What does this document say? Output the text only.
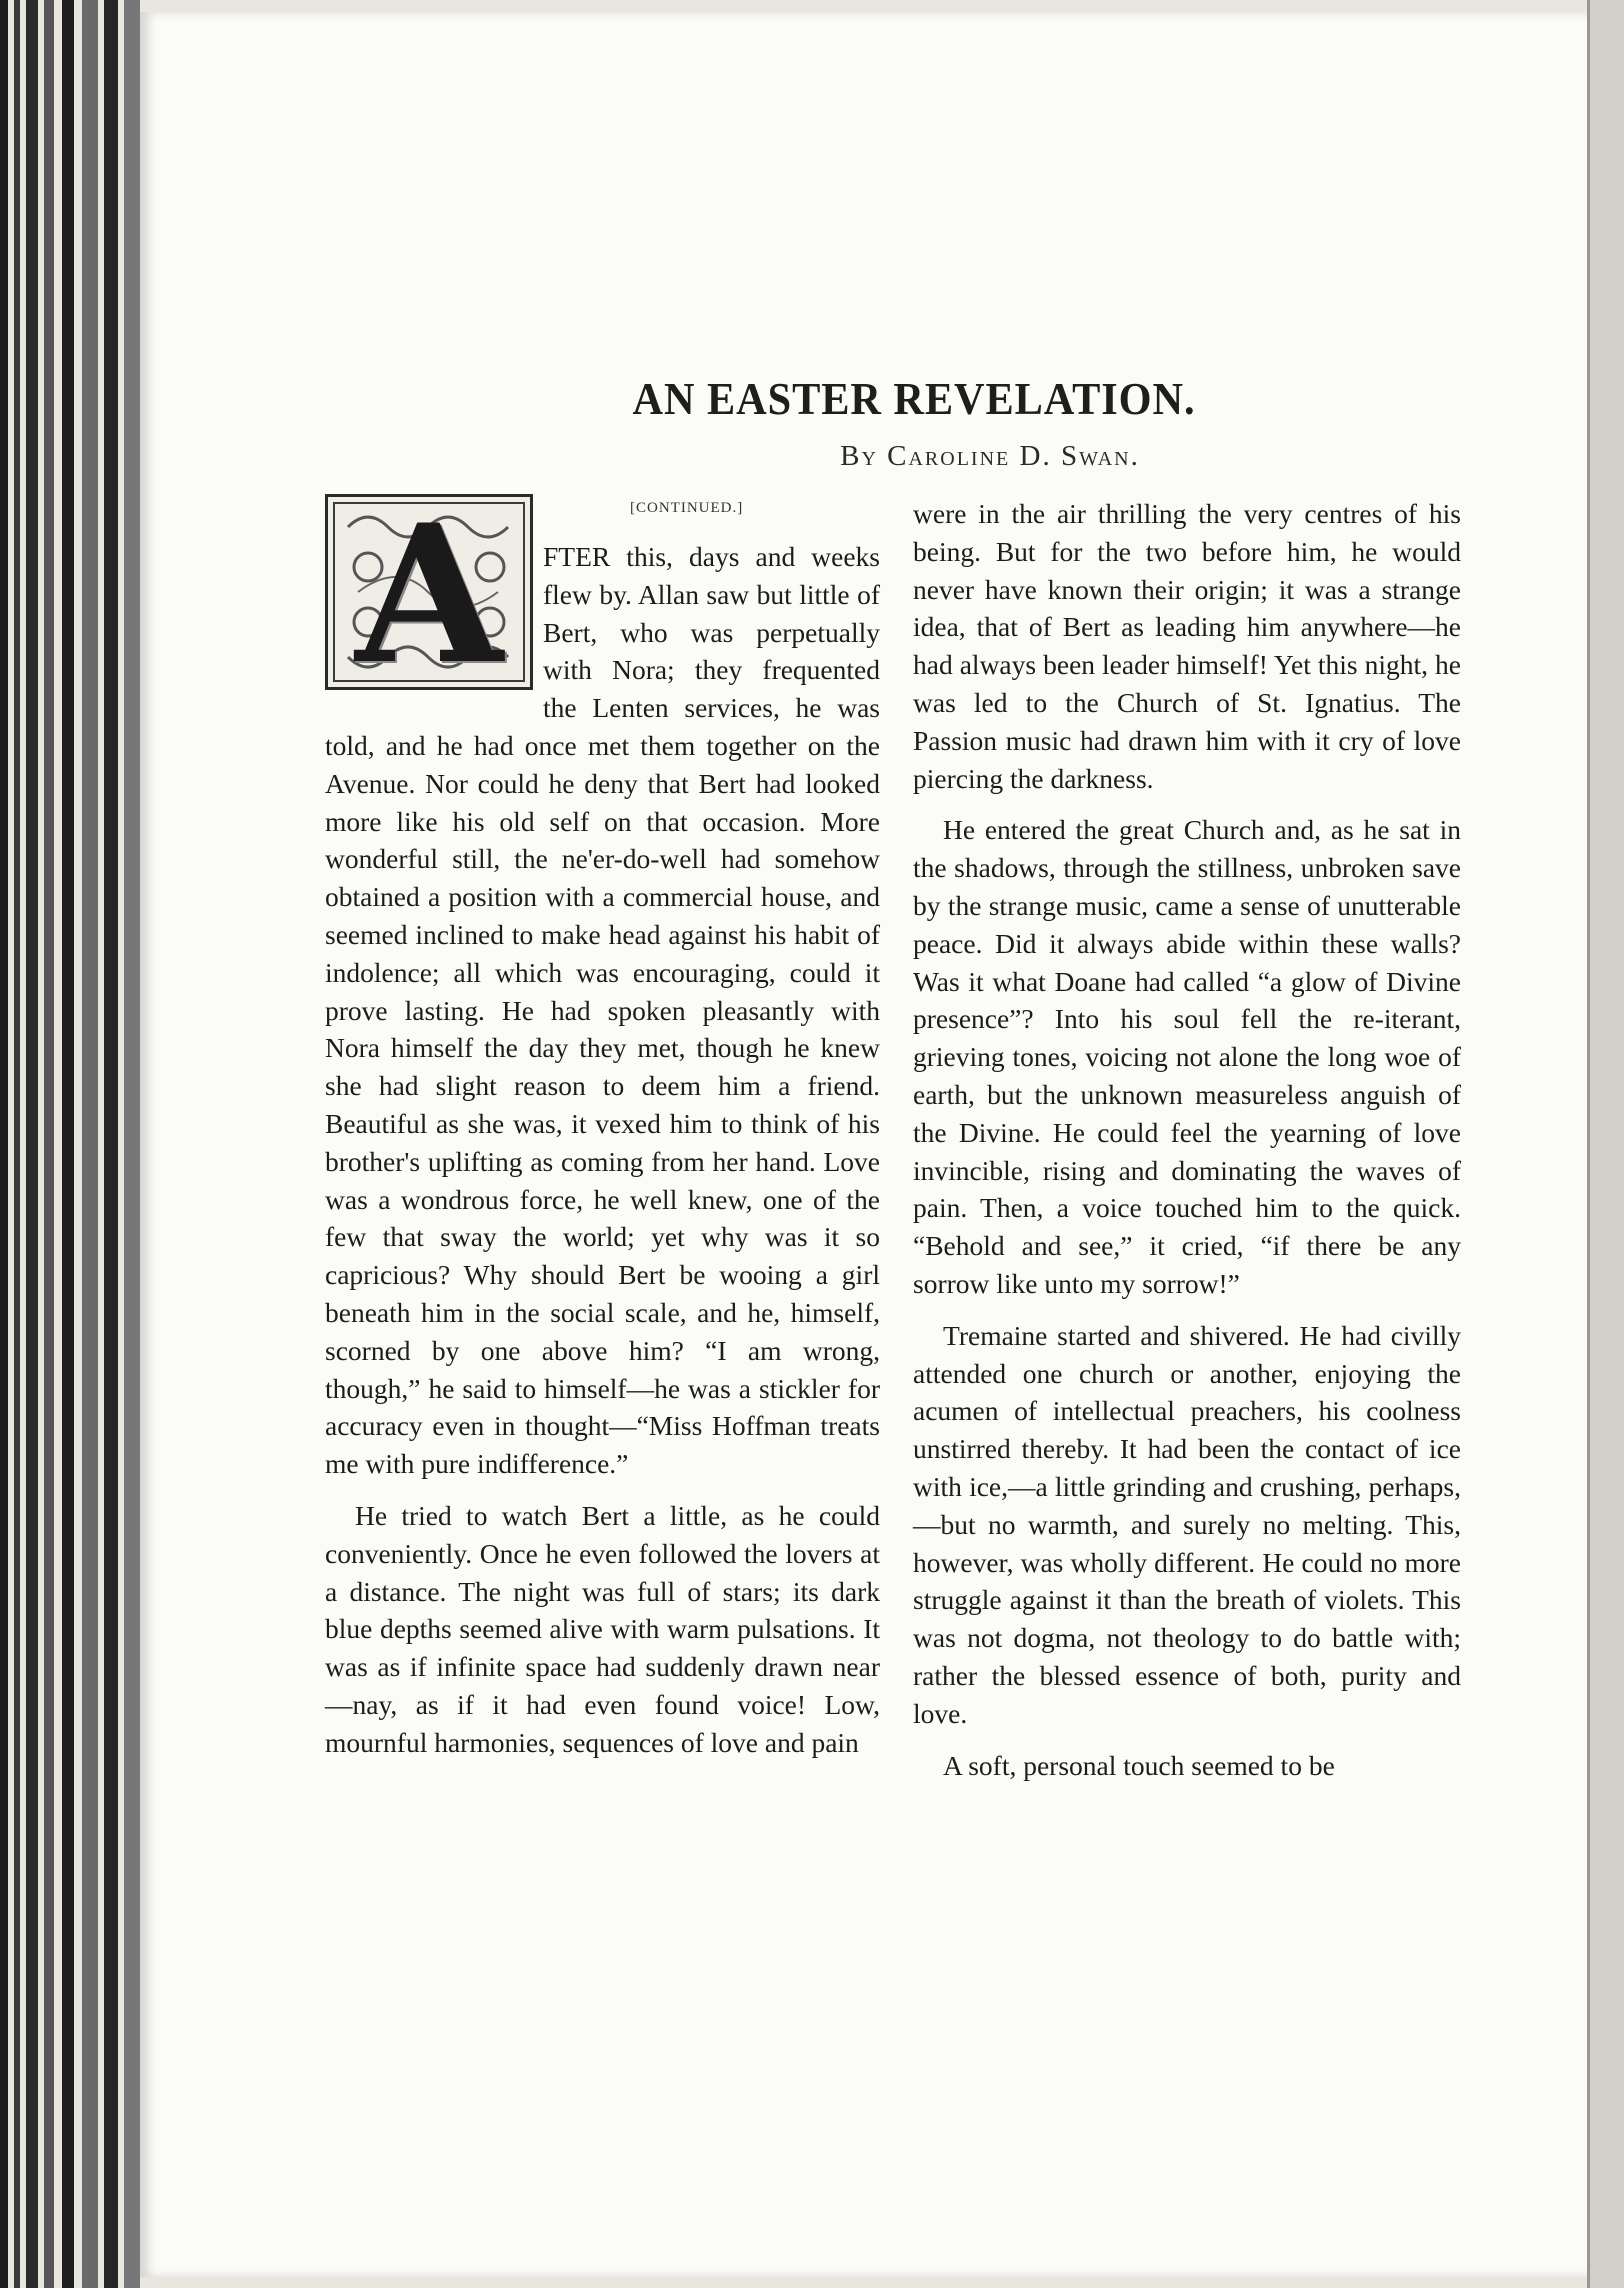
AN EASTER REVELATION.
By Caroline D. Swan.
[CONTINUED.]

A	FTER this, days and weeks flew by. Allan saw but little of Bert, who was perpetually with Nora; they frequented the Lenten services, he was told, and he had once met them together on the Avenue. Nor could he deny that Bert had looked more like his old self on that occasion. More wonderful still, the ne'er-do-well had somehow obtained a position with a commercial house, and seemed inclined to make head against his habit of indolence; all which was encouraging, could it prove lasting. He had spoken pleasantly with Nora himself the day they met, though he knew she had slight reason to deem him a friend. Beautiful as she was, it vexed him to think of his brother's uplifting as coming from her hand. Love was a wondrous force, he well knew, one of the few that sway the world; yet why was it so capricious? Why should Bert be wooing a girl beneath him in the social scale, and he, himself, scorned by one above him? “I am wrong, though,” he said to himself—he was a stickler for accuracy even in thought—“Miss Hoffman treats me with pure indifference.”

He tried to watch Bert a little, as he could conveniently. Once he even followed the lovers at a distance. The night was full of stars; its dark blue depths seemed alive with warm pulsations. It was as if infinite space had suddenly drawn near—nay, as if it had even found voice! Low, mournful harmonies, sequences of love and pain

were in the air thrilling the very centres of his being. But for the two before him, he would never have known their origin; it was a strange idea, that of Bert as leading him anywhere—he had always been leader himself! Yet this night, he was led to the Church of St. Ignatius. The Passion music had drawn him with it cry of love piercing the darkness.

He entered the great Church and, as he sat in the shadows, through the stillness, unbroken save by the strange music, came a sense of unutterable peace. Did it always abide within these walls? Was it what Doane had called “a glow of Divine presence”? Into his soul fell the re-iterant, grieving tones, voicing not alone the long woe of earth, but the unknown measureless anguish of the Divine. He could feel the yearning of love invincible, rising and dominating the waves of pain. Then, a voice touched him to the quick. “Behold and see,” it cried, “if there be any sorrow like unto my sorrow!”

Tremaine started and shivered. He had civilly attended one church or another, enjoying the acumen of intellectual preachers, his coolness unstirred thereby. It had been the contact of ice with ice,—a little grinding and crushing, perhaps,—but no warmth, and surely no melting. This, however, was wholly different. He could no more struggle against it than the breath of violets. This was not dogma, not theology to do battle with; rather the blessed essence of both, purity and love.

A soft, personal touch seemed to be
